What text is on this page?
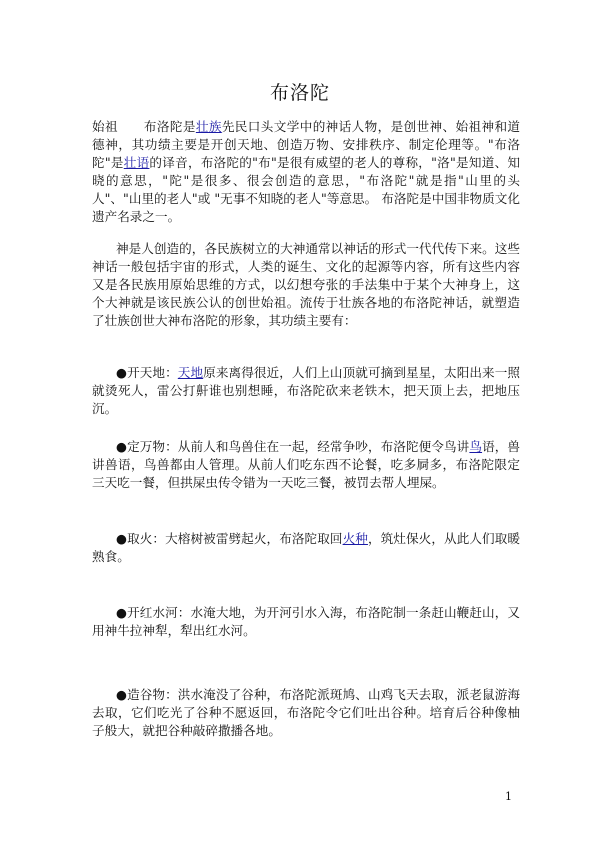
布洛陀

始祖　　布洛陀是壮族先民口头文学中的神话人物，是创世神、始祖神和道德神，其功绩主要是开创天地、创造万物、安排秩序、制定伦理等。"布洛陀"是壮语的译音，布洛陀的"布"是很有威望的老人的尊称，"洛"是知道、知晓的意思，"陀"是很多、很会创造的意思，"布洛陀"就是指"山里的头人"、"山里的老人"或 "无事不知晓的老人"等意思。 布洛陀是中国非物质文化遗产名录之一。

神是人创造的，各民族树立的大神通常以神话的形式一代代传下来。这些神话一般包括宇宙的形式，人类的诞生、文化的起源等内容，所有这些内容又是各民族用原始思维的方式，以幻想夸张的手法集中于某个大神身上，这个大神就是该民族公认的创世始祖。流传于壮族各地的布洛陀神话，就塑造了壮族创世大神布洛陀的形象，其功绩主要有：

●开天地：天地原来离得很近，人们上山顶就可摘到星星，太阳出来一照就烫死人，雷公打鼾谁也别想睡，布洛陀砍来老铁木，把天顶上去，把地压沉。

●定万物：从前人和鸟兽住在一起，经常争吵，布洛陀便令鸟讲鸟语，兽讲兽语，鸟兽都由人管理。从前人们吃东西不论餐，吃多屙多，布洛陀限定三天吃一餐，但拱屎虫传令错为一天吃三餐，被罚去帮人埋屎。

●取火：大榕树被雷劈起火，布洛陀取回火种，筑灶保火，从此人们取暖熟食。

●开红水河：水淹大地，为开河引水入海，布洛陀制一条赶山鞭赶山，又用神牛拉神犁，犁出红水河。

●造谷物：洪水淹没了谷种，布洛陀派斑鸠、山鸡飞天去取，派老鼠游海去取，它们吃光了谷种不愿返回，布洛陀令它们吐出谷种。培育后谷种像柚子般大，就把谷种敲碎撒播各地。

1
